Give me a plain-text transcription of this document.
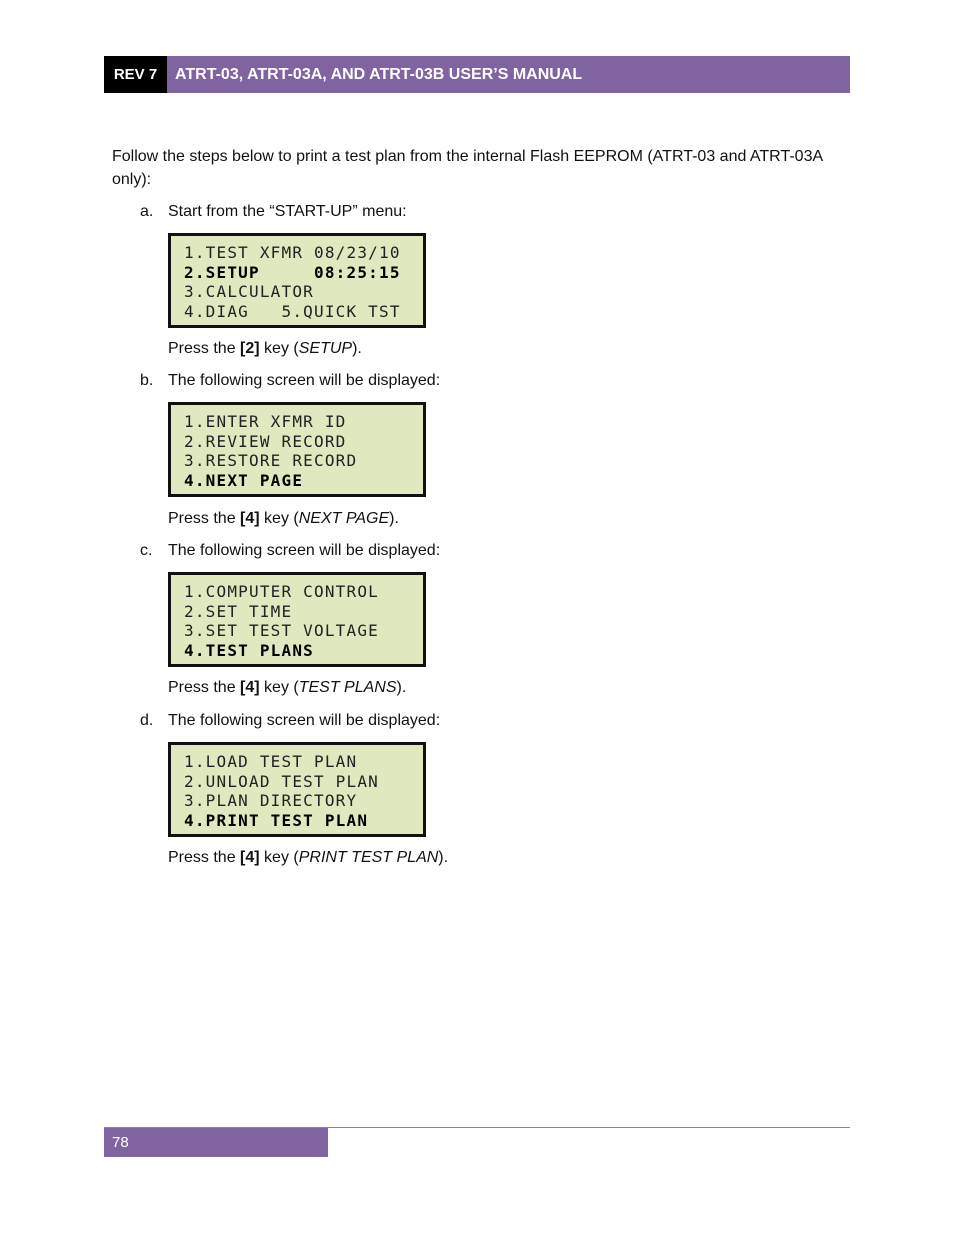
REV 7	ATRT-03, ATRT-03A, AND ATRT-03B USER’S MANUAL
Follow the steps below to print a test plan from the internal Flash EEPROM (ATRT-03 and ATRT-03A only):
a. Start from the “START-UP” menu:
1.TEST XFMR 08/23/10
2.SETUP     08:25:15
3.CALCULATOR
4.DIAG   5.QUICK TST
Press the [2] key (SETUP).
b. The following screen will be displayed:
1.ENTER XFMR ID
2.REVIEW RECORD
3.RESTORE RECORD
4.NEXT PAGE
Press the [4] key (NEXT PAGE).
c. The following screen will be displayed:
1.COMPUTER CONTROL
2.SET TIME
3.SET TEST VOLTAGE
4.TEST PLANS
Press the [4] key (TEST PLANS).
d. The following screen will be displayed:
1.LOAD TEST PLAN
2.UNLOAD TEST PLAN
3.PLAN DIRECTORY
4.PRINT TEST PLAN
Press the [4] key (PRINT TEST PLAN).
78
